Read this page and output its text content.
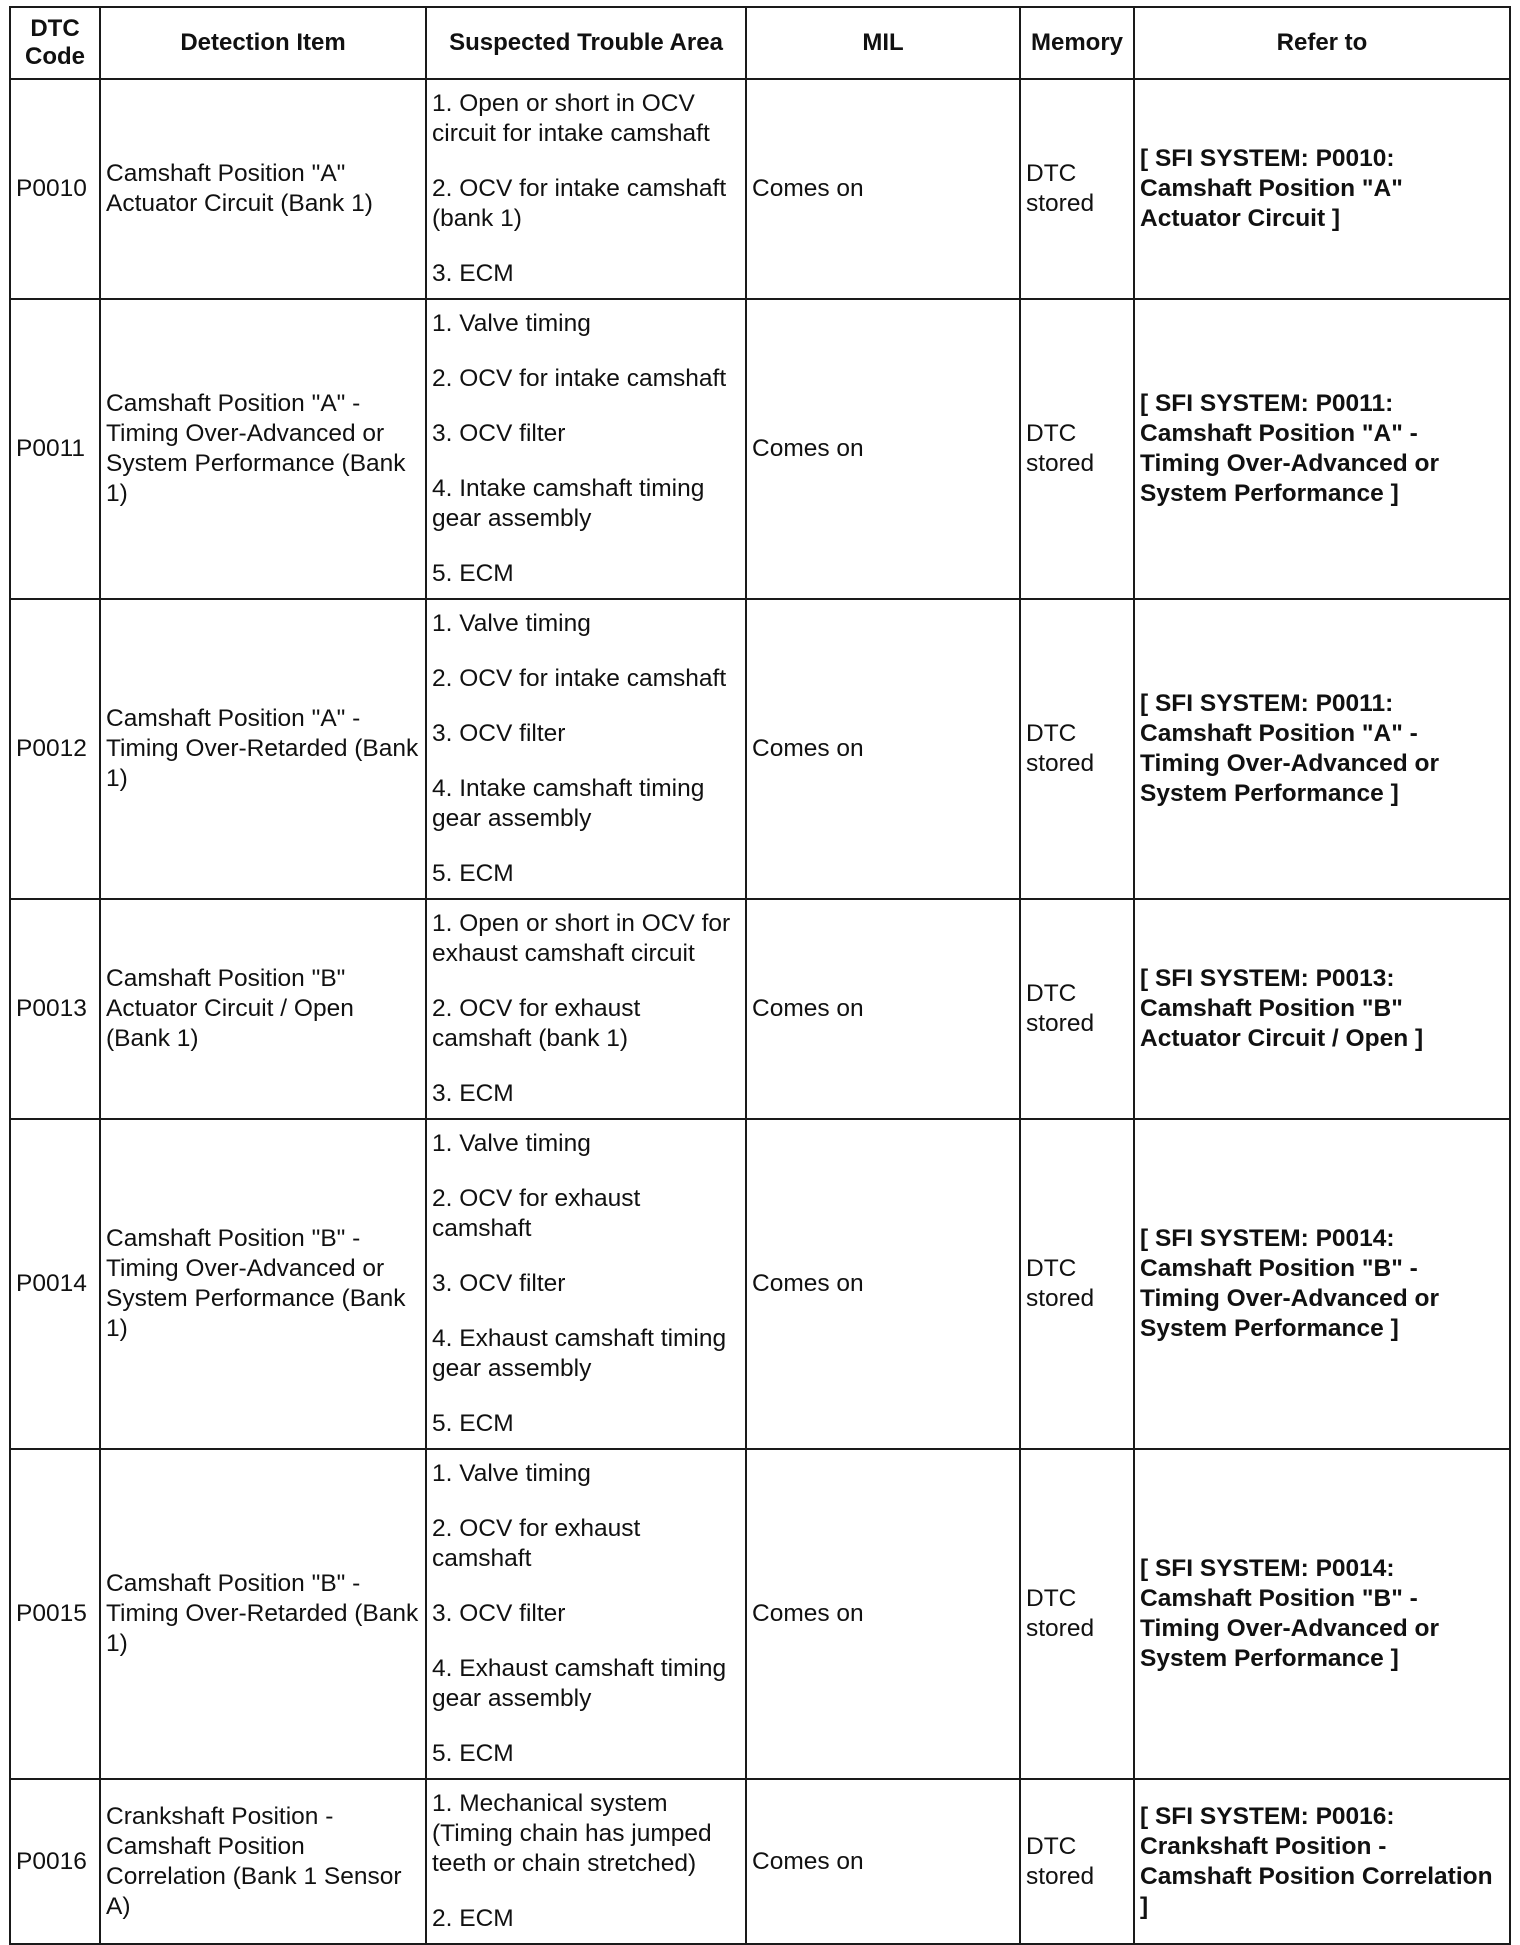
DTC Code	Detection Item	Suspected Trouble Area	MIL	Memory	Refer to
P0010	Camshaft Position "A" Actuator Circuit (Bank 1)	1. Open or short in OCV circuit for intake camshaft
2. OCV for intake camshaft (bank 1)
3. ECM	Comes on	DTC stored	[ SFI SYSTEM: P0010: Camshaft Position "A" Actuator Circuit ]
P0011	Camshaft Position "A" - Timing Over-Advanced or System Performance (Bank 1)	1. Valve timing
2. OCV for intake camshaft
3. OCV filter
4. Intake camshaft timing gear assembly
5. ECM	Comes on	DTC stored	[ SFI SYSTEM: P0011: Camshaft Position "A" - Timing Over-Advanced or System Performance ]
P0012	Camshaft Position "A" - Timing Over-Retarded (Bank 1)	1. Valve timing
2. OCV for intake camshaft
3. OCV filter
4. Intake camshaft timing gear assembly
5. ECM	Comes on	DTC stored	[ SFI SYSTEM: P0011: Camshaft Position "A" - Timing Over-Advanced or System Performance ]
P0013	Camshaft Position "B" Actuator Circuit / Open (Bank 1)	1. Open or short in OCV for exhaust camshaft circuit
2. OCV for exhaust camshaft (bank 1)
3. ECM	Comes on	DTC stored	[ SFI SYSTEM: P0013: Camshaft Position "B" Actuator Circuit / Open ]
P0014	Camshaft Position "B" - Timing Over-Advanced or System Performance (Bank 1)	1. Valve timing
2. OCV for exhaust camshaft
3. OCV filter
4. Exhaust camshaft timing gear assembly
5. ECM	Comes on	DTC stored	[ SFI SYSTEM: P0014: Camshaft Position "B" - Timing Over-Advanced or System Performance ]
P0015	Camshaft Position "B" - Timing Over-Retarded (Bank 1)	1. Valve timing
2. OCV for exhaust camshaft
3. OCV filter
4. Exhaust camshaft timing gear assembly
5. ECM	Comes on	DTC stored	[ SFI SYSTEM: P0014: Camshaft Position "B" - Timing Over-Advanced or System Performance ]
P0016	Crankshaft Position - Camshaft Position Correlation (Bank 1 Sensor A)	1. Mechanical system (Timing chain has jumped teeth or chain stretched)
2. ECM	Comes on	DTC stored	[ SFI SYSTEM: P0016: Crankshaft Position - Camshaft Position Correlation ]
